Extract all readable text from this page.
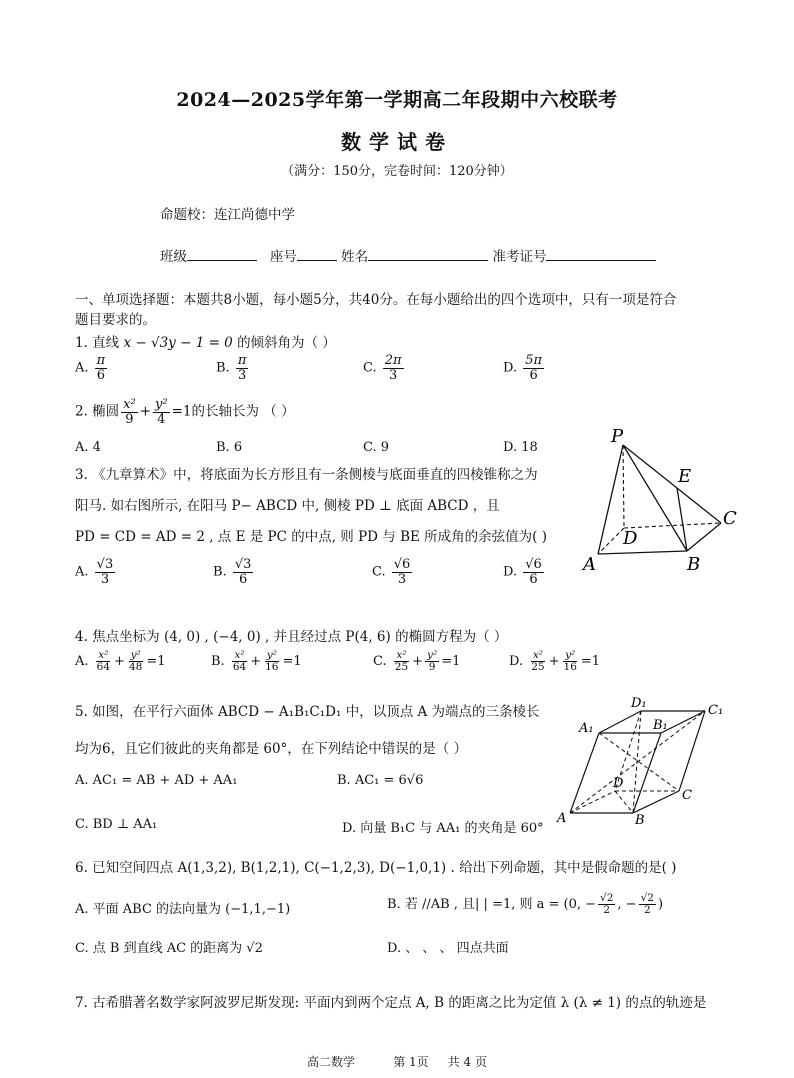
2024—2025学年第一学期高二年段期中六校联考
数学试卷
（满分：150分，完卷时间：120分钟）
命题校：连江尚德中学
班级	座号	姓名	准考证号
一、单项选择题：本题共8小题，每小题5分，共40分。在每小题给出的四个选项中，只有一项是符合
题目要求的。
1. 直线 x − √3y − 1 = 0 的倾斜角为（ ）
A. $\frac{\pi}{6}$	B. $\frac{\pi}{3}$	C. $\frac{2\pi}{3}$	D. $\frac{5\pi}{6}$
2. 椭圆 $\frac{\text{x²}}{9} + \frac{\text{y²}}{4} =1$的长轴长为 （ ）
A. 4	B. 6	C. 9	D. 18
3. 《九章算术》中，将底面为长方形且有一条侧棱与底面垂直的四棱锥称之为
阳马. 如右图所示, 在阳马 P− ABCD 中, 侧棱 PD ⊥ 底面 ABCD ，且
PD = CD = AD = 2 , 点 E 是 PC 的中点, 则 PD 与 BE 所成角的余弦值为( )
A. $\frac{√3}{3}$	B. $\frac{√3}{6}$	C. $\frac{√6}{3}$	D. $\frac{√6}{6}$
P
E
C
D
A	B
4. 焦点坐标为 (4, 0) , (−4, 0) , 并且经过点 P(4, 6) 的椭圆方程为（ ）
A. $\frac{\text{x²}}{64} + \frac{\text{y²}}{48} =1$	B. $\frac{\text{x²}}{64} + \frac{\text{y²}}{16} =1$	C. $\frac{\text{x²}}{25} + \frac{\text{y²}}{9} =1$	D. $\frac{\text{x²}}{25} + \frac{\text{y²}}{16} =1$
5. 如图，在平行六面体 ABCD − A₁B₁C₁D₁ 中，以顶点 A 为端点的三条棱长
均为6，且它们彼此的夹角都是 60°，在下列结论中错误的是（ ）
A. AC₁ = AB + AD + AA₁	B. AC₁ = 6√6
C. BD ⊥ AA₁	D. 向量 B₁C 与 AA₁ 的夹角是 60°
D₁	C₁
A₁	B₁
D
C
A	B
6. 已知空间四点 A(1,3,2), B(1,2,1), C(−1,2,3), D(−1,0,1) . 给出下列命题，其中是假命题的是( )
A. 平面 ABC 的法向量为 (−1,1,−1)	B. 若 //AB , 且| | =1, 则 a = (0, − $\frac{√2}{2}$ , − $\frac{√2}{2}$ )
C. 点 B 到直线 AC 的距离为 √2	D. 、 、 、 四点共面
7. 古希腊著名数学家阿波罗尼斯发现: 平面内到两个定点 A, B 的距离之比为定值 λ (λ ≠ 1) 的点的轨迹是
高二数学	第 1页 共 4 页
